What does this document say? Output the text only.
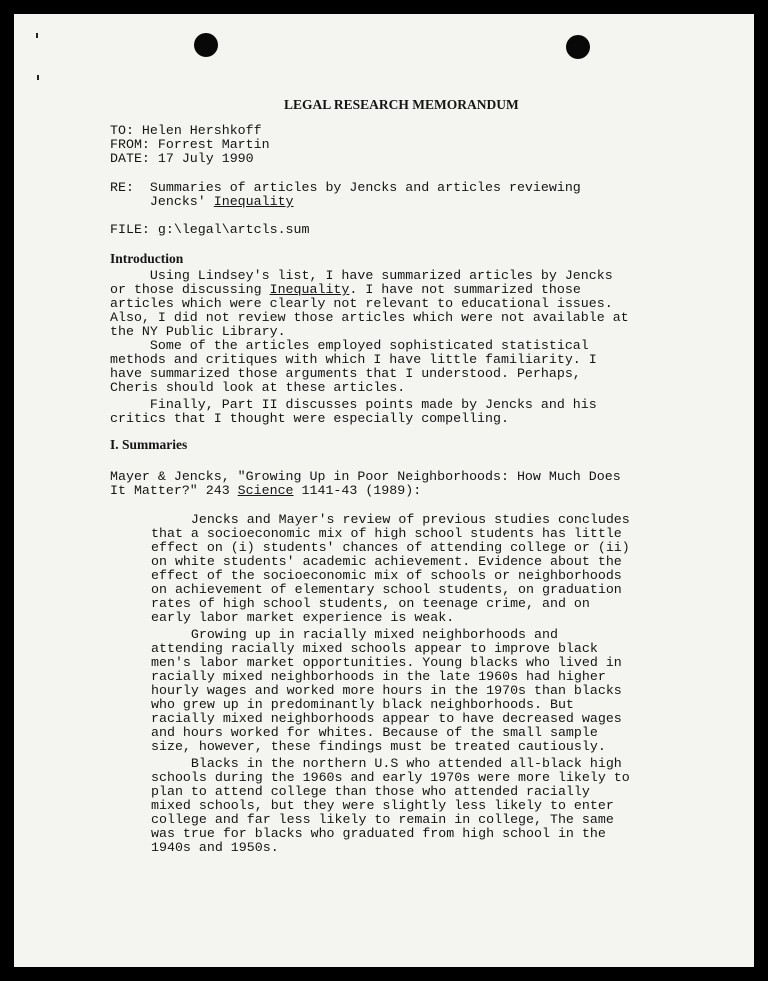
LEGAL RESEARCH MEMORANDUM
TO: Helen Hershkoff
FROM: Forrest Martin
DATE: 17 July 1990
RE:  Summaries of articles by Jencks and articles reviewing
Jencks' Inequality
FILE: g:\legal\artcls.sum
Introduction
Using Lindsey's list, I have summarized articles by Jencks
or those discussing Inequality. I have not summarized those
articles which were clearly not relevant to educational issues.
Also, I did not review those articles which were not available at
the NY Public Library.
Some of the articles employed sophisticated statistical
methods and critiques with which I have little familiarity. I
have summarized those arguments that I understood. Perhaps,
Cheris should look at these articles.
Finally, Part II discusses points made by Jencks and his
critics that I thought were especially compelling.
I. Summaries
Mayer & Jencks, "Growing Up in Poor Neighborhoods: How Much Does
It Matter?" 243 Science 1141-43 (1989):
Jencks and Mayer's review of previous studies concludes
that a socioeconomic mix of high school students has little
effect on (i) students' chances of attending college or (ii)
on white students' academic achievement. Evidence about the
effect of the socioeconomic mix of schools or neighborhoods
on achievement of elementary school students, on graduation
rates of high school students, on teenage crime, and on
early labor market experience is weak.
Growing up in racially mixed neighborhoods and
attending racially mixed schools appear to improve black
men's labor market opportunities. Young blacks who lived in
racially mixed neighborhoods in the late 1960s had higher
hourly wages and worked more hours in the 1970s than blacks
who grew up in predominantly black neighborhoods. But
racially mixed neighborhoods appear to have decreased wages
and hours worked for whites. Because of the small sample
size, however, these findings must be treated cautiously.
Blacks in the northern U.S who attended all-black high
schools during the 1960s and early 1970s were more likely to
plan to attend college than those who attended racially
mixed schools, but they were slightly less likely to enter
college and far less likely to remain in college, The same
was true for blacks who graduated from high school in the
1940s and 1950s.
